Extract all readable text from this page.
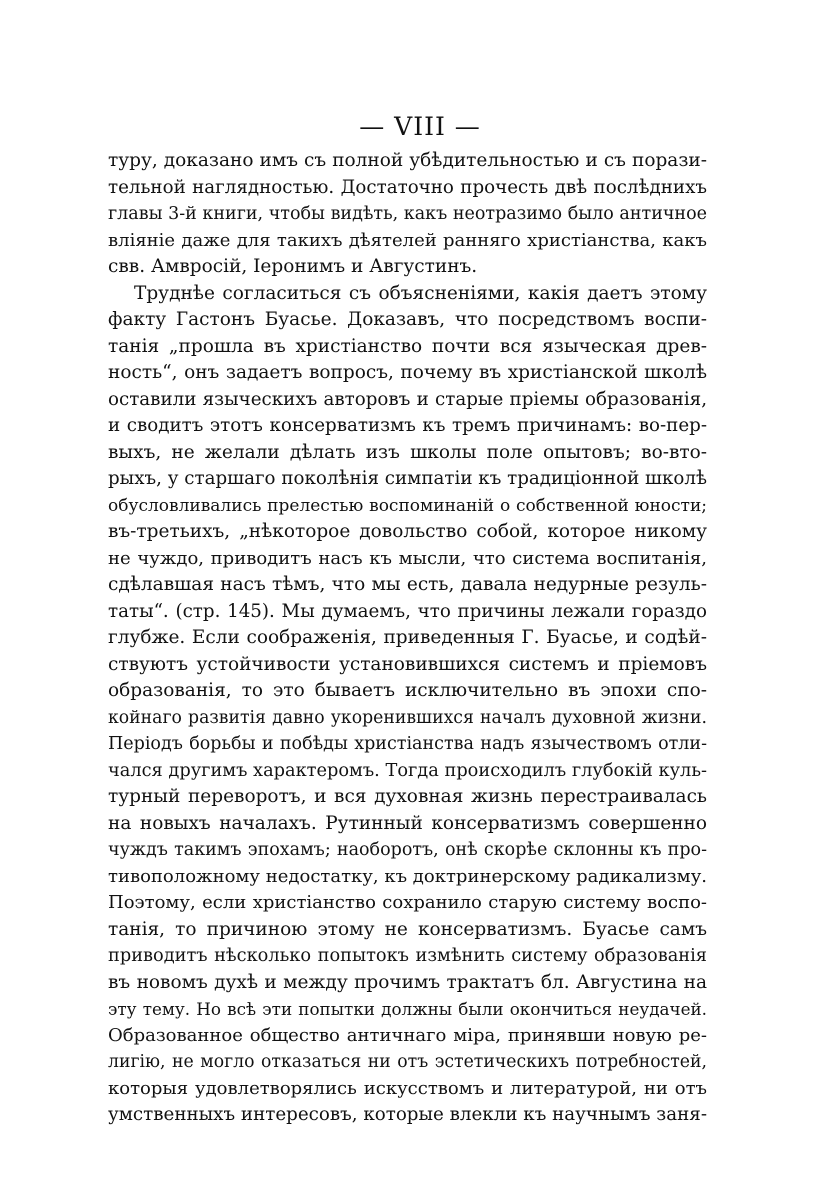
— VIII —
туру, доказано имъ съ полной убѣдительностью и съ порази-
тельной наглядностью. Достаточно прочесть двѣ послѣднихъ
главы 3-й книги, чтобы видѣть, какъ неотразимо было античное
вліяніе даже для такихъ дѣятелей ранняго христіанства, какъ
свв. Амвросій, Іеронимъ и Августинъ.
Труднѣе согласиться съ объясненіями, какія даетъ этому
факту Гастонъ Буасье. Доказавъ, что посредствомъ воспи-
танія „прошла въ христіанство почти вся языческая древ-
ность“, онъ задаетъ вопросъ, почему въ христіанской школѣ
оставили языческихъ авторовъ и старые пріемы образованія,
и сводитъ этотъ консерватизмъ къ тремъ причинамъ: во-пер-
выхъ, не желали дѣлать изъ школы поле опытовъ; во-вто-
рыхъ, у старшаго поколѣнія симпатіи къ традиціонной школѣ
обусловливались прелестью воспоминаній о собственной юности;
въ-третьихъ, „нѣкоторое довольство собой, которое никому
не чуждо, приводитъ насъ къ мысли, что система воспитанія,
сдѣлавшая насъ тѣмъ, что мы есть, давала недурные резуль-
таты“. (стр. 145). Мы думаемъ, что причины лежали гораздо
глубже. Если соображенія, приведенныя Г. Буасье, и содѣй-
ствуютъ устойчивости установившихся системъ и пріемовъ
образованія, то это бываетъ исключительно въ эпохи спо-
койнаго развитія давно укоренившихся началъ духовной жизни.
Періодъ борьбы и побѣды христіанства надъ язычествомъ отли-
чался другимъ характеромъ. Тогда происходилъ глубокій куль-
турный переворотъ, и вся духовная жизнь перестраивалась
на новыхъ началахъ. Рутинный консерватизмъ совершенно
чуждъ такимъ эпохамъ; наоборотъ, онѣ скорѣе склонны къ про-
тивоположному недостатку, къ доктринерскому радикализму.
Поэтому, если христіанство сохранило старую систему воспо-
танія, то причиною этому не консерватизмъ. Буасье самъ
приводитъ нѣсколько попытокъ измѣнить систему образованія
въ новомъ духѣ и между прочимъ трактатъ бл. Августина на
эту тему. Но всѣ эти попытки должны были окончиться неудачей.
Образованное общество античнаго міра, принявши новую ре-
лигію, не могло отказаться ни отъ эстетическихъ потребностей,
которыя удовлетворялись искусствомъ и литературой, ни отъ
умственныхъ интересовъ, которые влекли къ научнымъ заня-
